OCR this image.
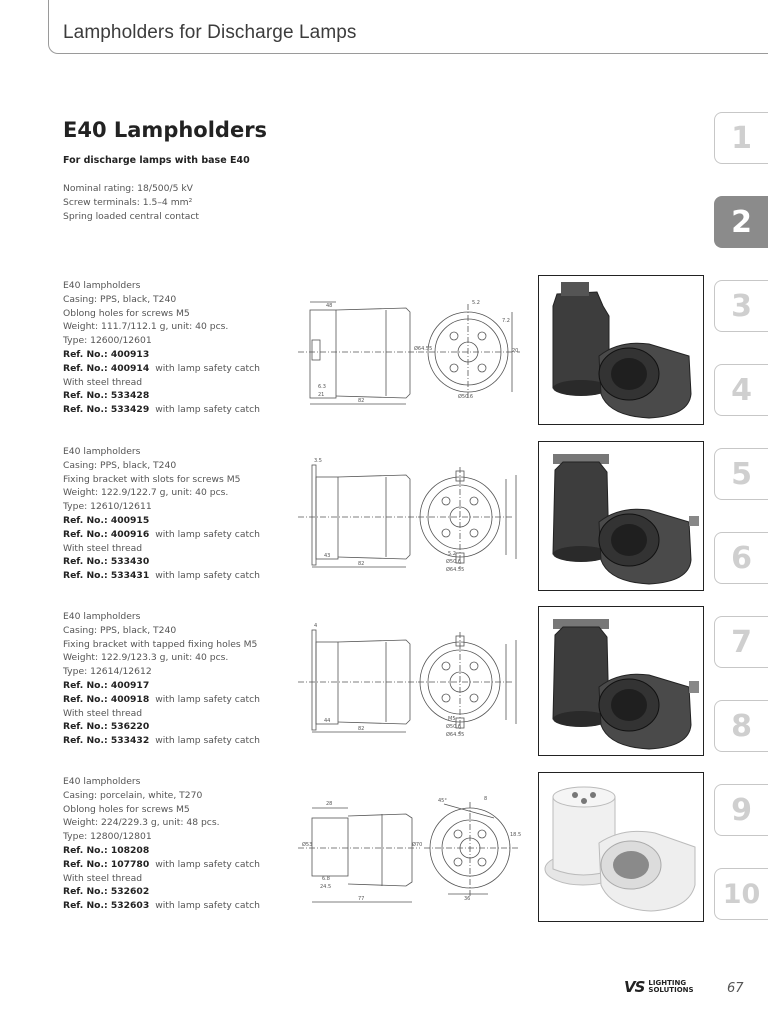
Lampholders for Discharge Lamps
E40 Lampholders
For discharge lamps with base E40
Nominal rating: 18/500/5 kV
Screw terminals: 1.5–4 mm²
Spring loaded central contact
E40 lampholders
Casing: PPS, black, T240
Oblong holes for screws M5
Weight: 111.7/112.1 g, unit: 40 pcs.
Type: 12600/12601
Ref. No.: 400913
Ref. No.: 400914 with lamp safety catch
With steel thread
Ref. No.: 533428
Ref. No.: 533429 with lamp safety catch
E40 lampholders
Casing: PPS, black, T240
Fixing bracket with slots for screws M5
Weight: 122.9/122.7 g, unit: 40 pcs.
Type: 12610/12611
Ref. No.: 400915
Ref. No.: 400916 with lamp safety catch
With steel thread
Ref. No.: 533430
Ref. No.: 533431 with lamp safety catch
E40 lampholders
Casing: PPS, black, T240
Fixing bracket with tapped fixing holes M5
Weight: 122.9/123.3 g, unit: 40 pcs.
Type: 12614/12612
Ref. No.: 400917
Ref. No.: 400918 with lamp safety catch
With steel thread
Ref. No.: 536220
Ref. No.: 533432 with lamp safety catch
E40 lampholders
Casing: porcelain, white, T270
Oblong holes for screws M5
Weight: 224/229.3 g, unit: 48 pcs.
Type: 12800/12801
Ref. No.: 108208
Ref. No.: 107780 with lamp safety catch
With steel thread
Ref. No.: 532602
Ref. No.: 532603 with lamp safety catch
48
6.3
21
82
5.2
7.2
20
Ø64.55
Ø50.6
3.5
43
82
5.2
Ø50.6
Ø64.55
4
44
82
M5
Ø50.6
Ø64.55
28
6.8
24.5
77
Ø70
Ø53
45°	8
36
18.5
1
2
3
4
5
6
7
8
9
10
VS LIGHTING
SOLUTIONS	67
